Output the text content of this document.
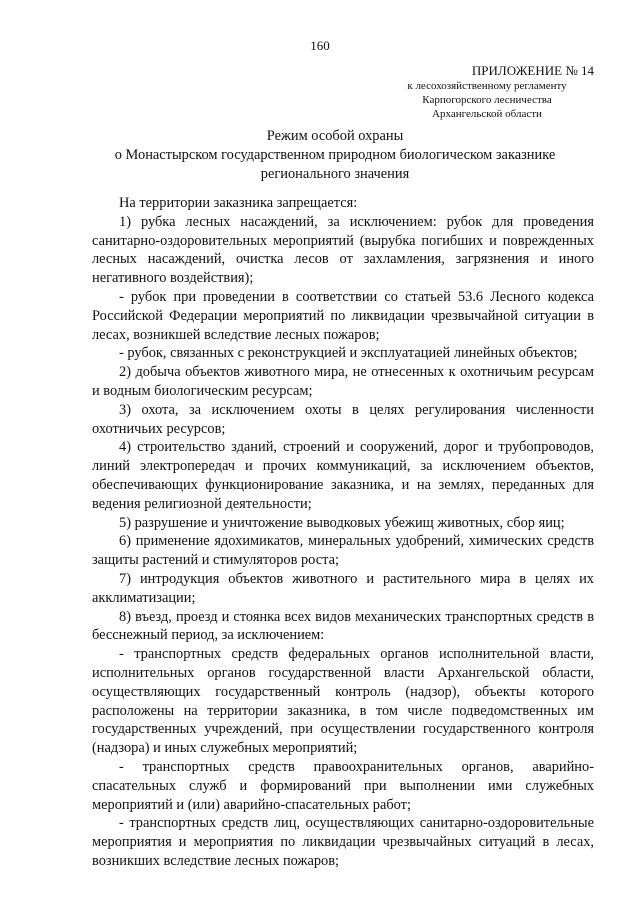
160
ПРИЛОЖЕНИЕ № 14
к лесохозяйственному регламенту
Карпогорского лесничества
Архангельской области
Режим особой охраны
о Монастырском государственном природном биологическом заказнике
регионального значения

На территории заказника запрещается:

1) рубка лесных насаждений, за исключением: рубок для проведения санитарно-оздоровительных мероприятий (вырубка погибших и поврежденных лесных насаждений, очистка лесов от захламления, загрязнения и иного негативного воздействия);

- рубок при проведении в соответствии со статьей 53.6 Лесного кодекса Российской Федерации мероприятий по ликвидации чрезвычайной ситуации в лесах, возникшей вследствие лесных пожаров;

- рубок, связанных с реконструкцией и эксплуатацией линейных объектов;

2) добыча объектов животного мира, не отнесенных к охотничьим ресурсам и водным биологическим ресурсам;

3) охота, за исключением охоты в целях регулирования численности охотничьих ресурсов;

4) строительство зданий, строений и сооружений, дорог и трубопроводов, линий электропередач и прочих коммуникаций, за исключением объектов, обеспечивающих функционирование заказника, и на землях, переданных для ведения религиозной деятельности;

5) разрушение и уничтожение выводковых убежищ животных, сбор яиц;

6) применение ядохимикатов, минеральных удобрений, химических средств защиты растений и стимуляторов роста;

7) интродукция объектов животного и растительного мира в целях их акклиматизации;

8) въезд, проезд и стоянка всех видов механических транспортных средств в бесснежный период, за исключением:

- транспортных средств федеральных органов исполнительной власти, исполнительных органов государственной власти Архангельской области, осуществляющих государственный контроль (надзор), объекты которого расположены на территории заказника, в том числе подведомственных им государственных учреждений, при осуществлении государственного контроля (надзора) и иных служебных мероприятий;

- транспортных средств правоохранительных органов, аварийно-спасательных служб и формирований при выполнении ими служебных мероприятий и (или) аварийно-спасательных работ;

- транспортных средств лиц, осуществляющих санитарно-оздоровительные мероприятия и мероприятия по ликвидации чрезвычайных ситуаций в лесах, возникших вследствие лесных пожаров;
